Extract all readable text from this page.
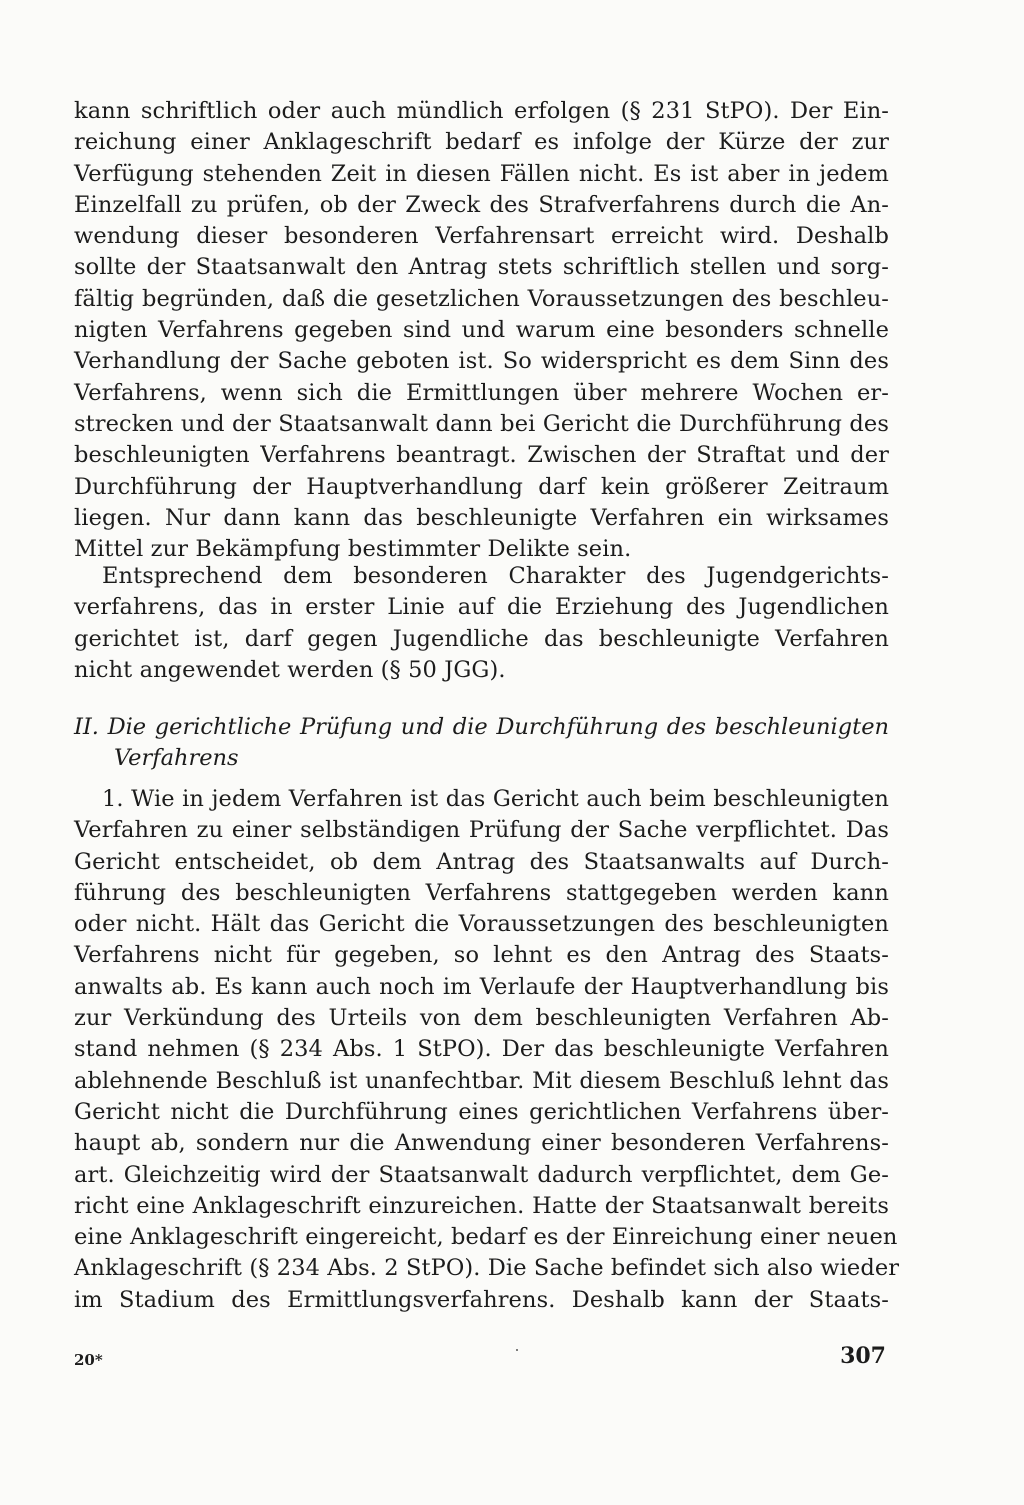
kann schriftlich oder auch mündlich erfolgen (§ 231 StPO). Der Ein-
reichung einer Anklageschrift bedarf es infolge der Kürze der zur
Verfügung stehenden Zeit in diesen Fällen nicht. Es ist aber in jedem
Einzelfall zu prüfen, ob der Zweck des Strafverfahrens durch die An-
wendung dieser besonderen Verfahrensart erreicht wird. Deshalb
sollte der Staatsanwalt den Antrag stets schriftlich stellen und sorg-
fältig begründen, daß die gesetzlichen Voraussetzungen des beschleu-
nigten Verfahrens gegeben sind und warum eine besonders schnelle
Verhandlung der Sache geboten ist. So widerspricht es dem Sinn des
Verfahrens, wenn sich die Ermittlungen über mehrere Wochen er-
strecken und der Staatsanwalt dann bei Gericht die Durchführung des
beschleunigten Verfahrens beantragt. Zwischen der Straftat und der
Durchführung der Hauptverhandlung darf kein größerer Zeitraum
liegen. Nur dann kann das beschleunigte Verfahren ein wirksames
Mittel zur Bekämpfung bestimmter Delikte sein.
Entsprechend dem besonderen Charakter des Jugendgerichts-
verfahrens, das in erster Linie auf die Erziehung des Jugendlichen
gerichtet ist, darf gegen Jugendliche das beschleunigte Verfahren
nicht angewendet werden (§ 50 JGG).
II. Die gerichtliche Prüfung und die Durchführung des beschleunigten
Verfahrens
1. Wie in jedem Verfahren ist das Gericht auch beim beschleunigten
Verfahren zu einer selbständigen Prüfung der Sache verpflichtet. Das
Gericht entscheidet, ob dem Antrag des Staatsanwalts auf Durch-
führung des beschleunigten Verfahrens stattgegeben werden kann
oder nicht. Hält das Gericht die Voraussetzungen des beschleunigten
Verfahrens nicht für gegeben, so lehnt es den Antrag des Staats-
anwalts ab. Es kann auch noch im Verlaufe der Hauptverhandlung bis
zur Verkündung des Urteils von dem beschleunigten Verfahren Ab-
stand nehmen (§ 234 Abs. 1 StPO). Der das beschleunigte Verfahren
ablehnende Beschluß ist unanfechtbar. Mit diesem Beschluß lehnt das
Gericht nicht die Durchführung eines gerichtlichen Verfahrens über-
haupt ab, sondern nur die Anwendung einer besonderen Verfahrens-
art. Gleichzeitig wird der Staatsanwalt dadurch verpflichtet, dem Ge-
richt eine Anklageschrift einzureichen. Hatte der Staatsanwalt bereits
eine Anklageschrift eingereicht, bedarf es der Einreichung einer neuen
Anklageschrift (§ 234 Abs. 2 StPO). Die Sache befindet sich also wieder
im Stadium des Ermittlungsverfahrens. Deshalb kann der Staats-
20*	307
